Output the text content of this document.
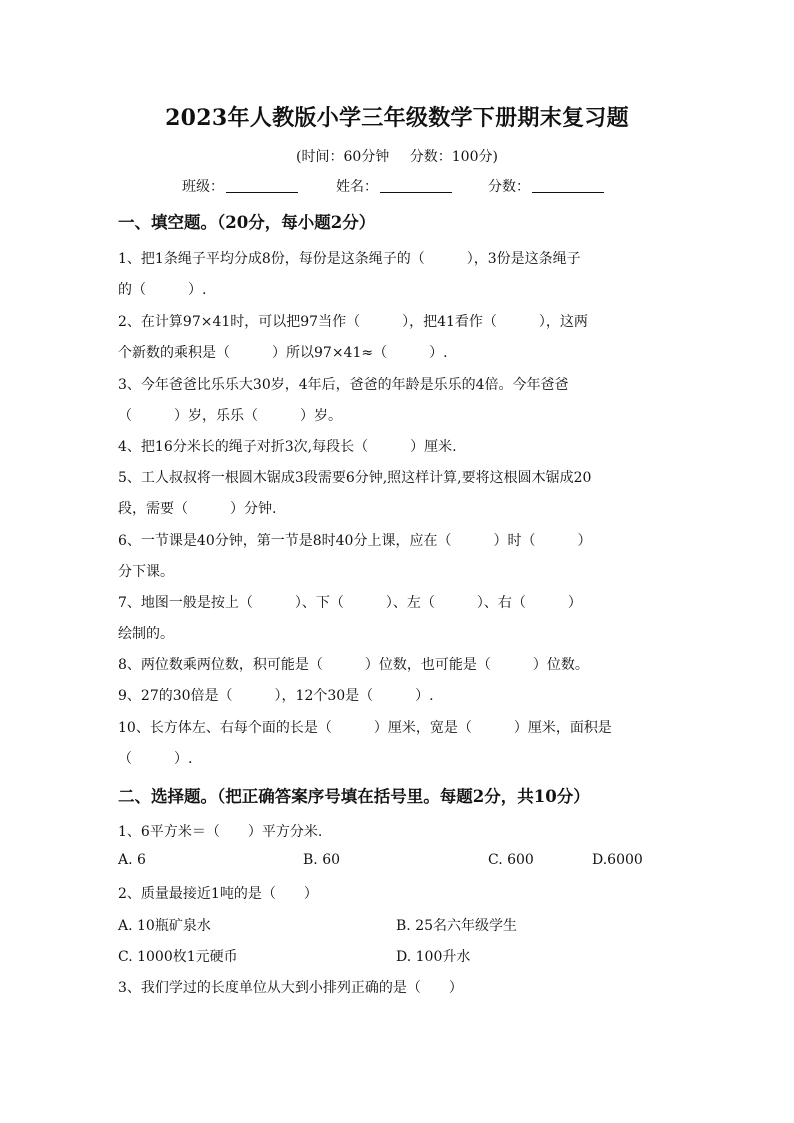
2023年人教版小学三年级数学下册期末复习题
(时间：60分钟 分数：100分)
班级：	姓名：	分数：
一、填空题。（20分，每小题2分）
1、把1条绳子平均分成8份，每份是这条绳子的（　　　），3份是这条绳子
的（　　　）.
2、在计算97×41时，可以把97当作（　　　），把41看作（　　　），这两
个新数的乘积是（　　　）所以97×41≈（　　　）.
3、今年爸爸比乐乐大30岁，4年后，爸爸的年龄是乐乐的4倍。今年爸爸
（　　　）岁，乐乐（　　　）岁。
4、把16分米长的绳子对折3次,每段长（　　　）厘米.
5、工人叔叔将一根圆木锯成3段需要6分钟,照这样计算,要将这根圆木锯成20
段，需要（　　　）分钟.
6、一节课是40分钟，第一节是8时40分上课，应在（　　　）时（　　　）
分下课。
7、地图一般是按上（　　　）、下（　　　）、左（　　　）、右（　　　）
绘制的。
8、两位数乘两位数，积可能是（　　　）位数，也可能是（　　　）位数。
9、27的30倍是（　　　），12个30是（　　　）.
10、长方体左、右每个面的长是（　　　）厘米，宽是（　　　）厘米，面积是
（　　　）.
二、选择题。（把正确答案序号填在括号里。每题2分，共10分）
1、6平方米＝（　　）平方分米.
A. 6	B. 60	C. 600	D.6000
2、质量最接近1吨的是（　　）
A. 10瓶矿泉水	B. 25名六年级学生
C. 1000枚1元硬币	D. 100升水
3、我们学过的长度单位从大到小排列正确的是（　　）
